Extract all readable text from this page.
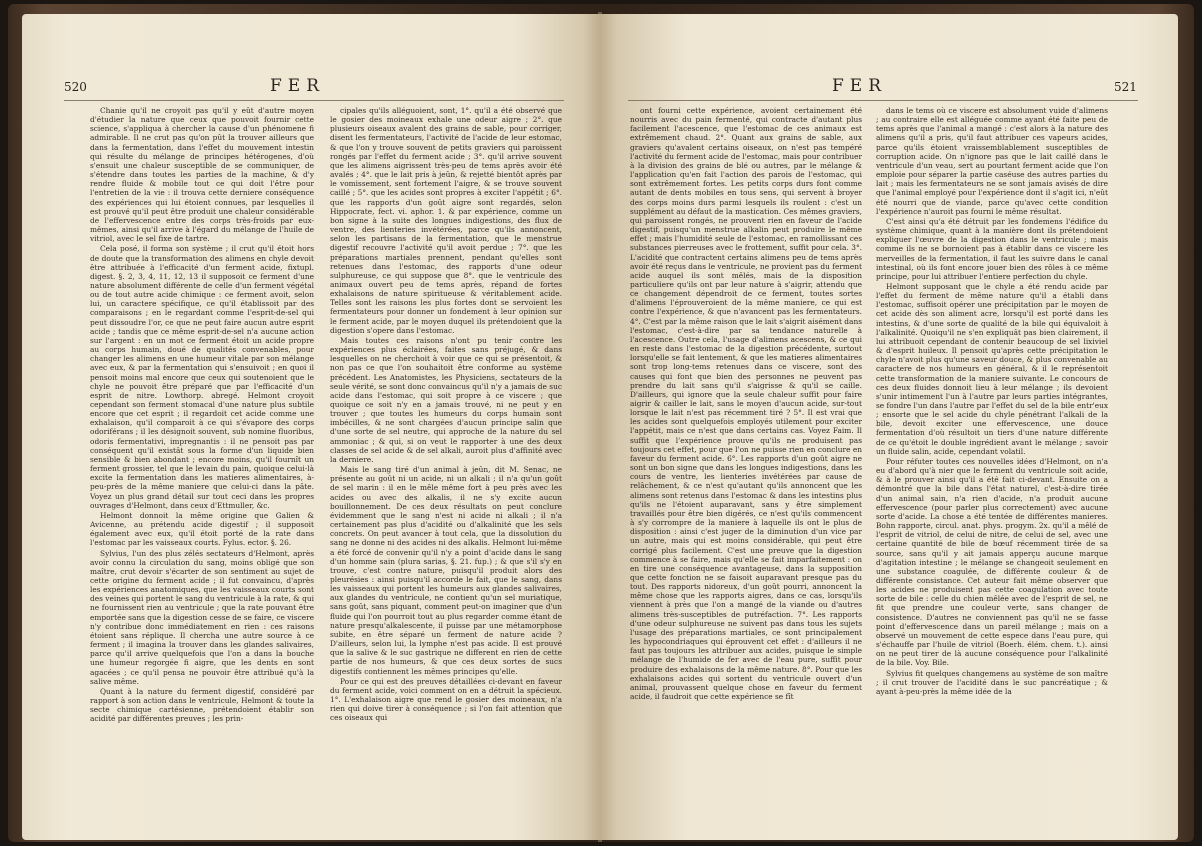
520	FER

Chanie qu'il ne croyoit pas qu'il y eût d'autre moyen d'étudier la nature que ceux que pouvoit fournir cette science, s'appliqua à chercher la cause d'un phénomene fi admirable. Il ne crut pas qu'on pût la trouver ailleurs que dans la fermentation, dans l'effet du mouvement intestin qui résulte du mélange de principes hétérogenes, d'où s'ensuit une chaleur susceptible de se communiquer, de s'étendre dans toutes les parties de la machine, & d'y rendre fluide & mobile tout ce qui doit l'être pour l'entretien de la vie : il trouva cette derniere conséquence des expériences qui lui étoient connues, par lesquelles il est prouvé qu'il peut être produit une chaleur considérable de l'effervescence entre des corps très-froids par eux-mêmes, ainsi qu'il arrive à l'égard du mélange de l'huile de vitriol, avec le sel fixe de tartre.

Cela posé, il forma son système ; il crut qu'il étoit hors de doute que la transformation des alimens en chyle devoit être attribuée à l'efficacité d'un ferment acide, fixtupl. digest. §. 2, 3, 4, 11, 12, 13 il supposoit ce ferment d'une nature absolument différente de celle d'un ferment végétal ou de tout autre acide chimique : ce ferment avoit, selon lui, un caractere spécifique, ce qu'il établissoit par des comparaisons ; en le regardant comme l'esprit-de-sel qui peut dissoudre l'or, ce que ne peut faire aucun autre esprit acide ; tandis que ce même esprit-de-sel n'a aucune action sur l'argent : en un mot ce ferment étoit un acide propre au corps humain, doué de qualités convenables, pour changer les alimens en une humeur vitale par son mélange avec eux, & par la fermentation qui s'ensuivoit ; en quoi il pensoit moins mal encore que ceux qui soutenoient que le chyle ne pouvoit être préparé que par l'efficacité d'un esprit de nitre. Lowthorp. abregé. Helmont croyoit cependant son ferment stomacal d'une nature plus subtile encore que cet esprit ; il regardoit cet acide comme une exhalaison, qu'il comparoit à ce qui s'évapore des corps odoriférans ; il les désignoit souvent, sub nomine fluoribus, odoris fermentativi, impregnantis : il ne pensoit pas par conséquent qu'il existât sous la forme d'un liquide bien sensible & bien abondant ; encore moins, qu'il fournît un ferment grossier, tel que le levain du pain, quoique celui-là excite la fermentation dans les matieres alimentaires, à-peu-près de la même maniere que celui-ci dans la pâte. Voyez un plus grand détail sur tout ceci dans les propres ouvrages d'Helmont, dans ceux d'Ettmuller, &c.

Helmont donnoit la même origine que Galien & Avicenne, au prétendu acide digestif ; il supposoit également avec eux, qu'il étoit porté de la rate dans l'estomac par les vaisseaux courts. Fylus. ector. §. 26.

Sylvius, l'un des plus zélés sectateurs d'Helmont, après avoir connu la circulation du sang, moins obligé que son maître, crut devoir s'écarter de son sentiment au sujet de cette origine du ferment acide ; il fut convaincu, d'après les expériences anatomiques, que les vaisseaux courts sont des veines qui portent le sang du ventricule à la rate, & qui ne fournissent rien au ventricule ; que la rate pouvant être emportée sans que la digestion cesse de se faire, ce viscere n'y contribue donc immédiatement en rien : ces raisons étoient sans réplique. Il chercha une autre source à ce ferment ; il imagina la trouver dans les glandes salivaires, parce qu'il arrive quelquefois que l'on a dans la bouche une humeur regorgée fi aigre, que les dents en sont agacées ; ce qu'il pensa ne pouvoir être attribué qu'à la salive même.

Quant à la nature du ferment digestif, considéré par rapport à son action dans le ventricule, Helmont & toute la secte chimique cartésienne, prétendoient établir son acidité par différentes preuves ; les prin-

cipales qu'ils alléguoient, sont, 1°. qu'il a été observé que le gosier des moineaux exhale une odeur aigre ; 2°. que plusieurs oiseaux avalent des grains de sable, pour corriger, disent les fermentateurs, l'activité de l'acide de leur estomac, & que l'on y trouve souvent de petits graviers qui paroissent rongés par l'effet du ferment acide ; 3°. qu'il arrive souvent que les alimens aigrissent très-peu de tems après avoir été avalés ; 4°. que le lait pris à jeûn, & rejetté bientôt après par le vomissement, sent fortement l'aigre, & se trouve souvent caillé ; 5°. que les acides sont propres à exciter l'appétit ; 6°. que les rapports d'un goût aigre sont regardés, selon Hippocrate, fect. vi. aphor. 1. & par expérience, comme un bon signe à la suite des longues indigestions, des flux de ventre, des lienteries invétérées, parce qu'ils annoncent, selon les partisans de la fermentation, que le menstrue digestif recouvre l'activité qu'il avoit perdue ; 7°. que les préparations martiales prennent, pendant qu'elles sont retenues dans l'estomac, des rapports d'une odeur sulphureuse, ce qui suppose que 8°. que le ventricule des animaux ouvert peu de tems après, répand de fortes exhalaisons de nature spiritueuse & véritablement acide. Telles sont les raisons les plus fortes dont se servoient les fermentateurs pour donner un fondement à leur opinion sur le ferment acide, par le moyen duquel ils prétendoient que la digestion s'opere dans l'estomac.

Mais toutes ces raisons n'ont pu tenir contre les expériences plus éclairées, faites sans préjugé, & dans lesquelles on ne cherchoit à voir que ce qui se présentoit, & non pas ce que l'on souhaitoit être conforme au système précédent. Les Anatomistes, les Physiciens, sectateurs de la seule vérité, se sont donc convaincus qu'il n'y a jamais de suc acide dans l'estomac, qui soit propre à ce viscere ; que quoique ce soit n'y en a jamais trouvé, ni ne peut y en trouver ; que toutes les humeurs du corps humain sont imbécilles, & ne sont chargées d'aucun principe salin que d'une sorte de sel neutre, qui approche de la nature du sel ammoniac ; & qui, si on veut le rapporter à une des deux classes de sel acide & de sel alkali, auroit plus d'affinité avec la derniere.

Mais le sang tiré d'un animal à jeûn, dit M. Senac, ne présente au goût ni un acide, ni un alkali ; il n'a qu'un goût de sel marin : il en le mêle même fort à peu près avec les acides ou avec des alkalis, il ne s'y excite aucun bouillonnement. De ces deux résultats on peut conclure évidemment que le sang n'est ni acide ni alkali ; il n'a certainement pas plus d'acidité ou d'alkalinité que les sels concrets. On peut avancer à tout cela, que la dissolution du sang ne donne ni des acides ni des alkalis. Helmont lui-même a été forcé de convenir qu'il n'y a point d'acide dans le sang d'un homme sain (plura sarias, §. 21. fup.) ; & que s'il s'y en trouve, c'est contre nature, puisqu'il produit alors des pleurésies : ainsi puisqu'il accorde le fait, que le sang, dans les vaisseaux qui portent les humeurs aux glandes salivaires, aux glandes du ventricule, ne contient qu'un sel muriatique, sans goût, sans piquant, comment peut-on imaginer que d'un fluide qui l'on pourroit tout au plus regarder comme étant de nature presqu'alkalescente, il puisse par une métamorphose subite, en être séparé un ferment de nature acide ? D'ailleurs, selon lui, la lymphe n'est pas acide. Il est prouvé que la salive & le suc gastrique ne different en rien de cette partie de nos humeurs, & que ces deux sortes de sucs digestifs contiennent les mêmes principes qu'elle.

Pour ce qui est des preuves détaillées ci-devant en faveur du ferment acide, voici comment on en a détruit la spécieux. 1°. L'exhalaison aigre que rend le gosier des moineaux, n'a rien qui doive tirer à conséquence ; si l'on fait attention que ces oiseaux qui

FER	521

ont fourni cette expérience, avoient certainement été nourris avec du pain fermenté, qui contracte d'autant plus facilement l'acescence, que l'estomac de ces animaux est extrêmement chaud. 2°. Quant aux grains de sable, aux graviers qu'avalent certains oiseaux, on n'est pas tempéré l'activité du ferment acide de l'estomac, mais pour contribuer à la division des grains de blé ou autres, par le mélange & l'application qu'en fait l'action des parois de l'estomac, qui sont extrêmement fortes. Les petits corps durs font comme autant de dents mobiles en tous sens, qui servent à broyer des corps moins durs parmi lesquels ils roulent : c'est un supplément au défaut de la mastication. Ces mêmes graviers, qui paroissent rongés, ne prouvent rien en faveur de l'acide digestif, puisqu'un menstrue alkalin peut produire le même effet ; mais l'humidité seule de l'estomac, en ramollissant ces substances pierreuses avec le frottement, suffit pour cela. 3°. L'acidité que contractent certains alimens peu de tems après avoir été reçus dans le ventricule, ne provient pas du ferment acide auquel ils sont mêlés, mais de la disposition particuliere qu'ils ont par leur nature à s'aigrir, attendu que ce changement dépendroit de ce ferment, toutes sortes d'alimens l'éprouveroient de la même maniere, ce qui est contre l'expérience, & que n'avancent pas les fermentateurs. 4°. C'est par la même raison que le lait s'aigrit aisément dans l'estomac, c'est-à-dire par sa tendance naturelle à l'acescence. Outre cela, l'usage d'alimens acescens, & ce qui en reste dans l'estomac de la digestion précédente, surtout lorsqu'elle se fait lentement, & que les matieres alimentaires sont trop long-tems retenues dans ce viscere, sont des causes qui font que bien des personnes ne peuvent pas prendre du lait sans qu'il s'aigrisse & qu'il se caille. D'ailleurs, qui ignore que la seule chaleur suffit pour faire aigrir & cailler le lait, sans le moyen d'aucun acide, sur-tout lorsque le lait n'est pas récemment tiré ? 5°. Il est vrai que les acides sont quelquefois employés utilement pour exciter l'appétit, mais ce n'est que dans certains cas. Voyez Faim. Il suffit que l'expérience prouve qu'ils ne produisent pas toujours cet effet, pour que l'on ne puisse rien en conclure en faveur du ferment acide. 6°. Les rapports d'un goût aigre ne sont un bon signe que dans les longues indigestions, dans les cours de ventre, les lienteries invétérées par cause de relâchement, & ce n'est qu'autant qu'ils annoncent que les alimens sont retenus dans l'estomac & dans les intestins plus qu'ils ne l'étoient auparavant, sans y être simplement travaillés pour être bien digérés, ce n'est qu'ils commencent à s'y corrompre de la maniere à laquelle ils ont le plus de disposition : ainsi c'est juger de la diminution d'un vice par un autre, mais qui est moins considérable, qui peut être corrigé plus facilement. C'est une preuve que la digestion commence à se faire, mais qu'elle se fait imparfaitement : on en tire une conséquence avantageuse, dans la supposition que cette fonction ne se faisoit auparavant presque pas du tout. Des rapports nidoreux, d'un goût pourri, annoncent la même chose que les rapports aigres, dans ce cas, lorsqu'ils viennent à près que l'on a mangé de la viande ou d'autres alimens très-susceptibles de putréfaction. 7°. Les rapports d'une odeur sulphureuse ne suivent pas dans tous les sujets l'usage des préparations martiales, ce sont principalement les hypocondriaques qui éprouvent cet effet : d'ailleurs il ne faut pas toujours les attribuer aux acides, puisque le simple mélange de l'humide de fer avec de l'eau pure, suffit pour produire des exhalaisons de la même nature. 8°. Pour que les exhalaisons acides qui sortent du ventricule ouvert d'un animal, prouvassent quelque chose en faveur du ferment acide, il faudroit que cette expérience se fît

dans le tems où ce viscere est absolument vuide d'alimens ; au contraire elle est alléguée comme ayant été faite peu de tems après que l'animal a mangé : c'est alors à la nature des alimens qu'il a pris, qu'il faut attribuer ces vapeurs acides, parce qu'ils étoient vraissemblablement susceptibles de corruption acide. On n'ignore pas que le lait caillé dans le ventricule d'un veau, sert au pourtant ferment acide que l'on emploie pour séparer la partie caséuse des autres parties du lait ; mais les fermentateurs ne se sont jamais avisés de dire que l'animal employé pour l'expérience dont il s'agit ici, n'eût été nourri que de viande, parce qu'avec cette condition l'expérience n'auroit pas fourni le même résultat.

C'est ainsi qu'a été détruit par les fondemens l'édifice du système chimique, quant à la manière dont ils prétendoient expliquer l'œuvre de la digestion dans le ventricule ; mais comme ils ne se bornoient pas à établir dans ce viscere les merveilles de la fermentation, il faut les suivre dans le canal intestinal, où ils font encore jouer bien des rôles à ce même principe, pour lui attribuer l'entiere perfection du chyle.

Helmont supposant que le chyle a été rendu acide par l'effet du ferment de même nature qu'il a établi dans l'estomac, suffisoit opérer une précipitation par le moyen de cet acide dès son aliment acre, lorsqu'il est porté dans les intestins, & d'une sorte de qualité de la bile qui équivaloit à l'alkalinité. Quoiqu'il ne s'en expliquât pas bien clairement, il lui attribuoit cependant de contenir beaucoup de sel lixiviel & d'esprit huileux. Il pensoit qu'après cette précipitation le chyle n'avoit plus qu'une saveur douce, & plus convenable au caractere de nos humeurs en général, & il le représentoit cette transformation de la maniere suivante. Le concours de ces deux fluides donnoit lieu à leur mélange ; ils devoient s'unir intimement l'un à l'autre par leurs parties intégrantes, se fondre l'un dans l'autre par l'effet du sel de la bile entr'eux ; ensorte que le sel acide du chyle pénétrant l'alkali de la bile, devoit exciter une effervescence, une douce fermentation d'où résultoit un tiers d'une nature différente de ce qu'étoit le double ingrédient avant le mélange ; savoir un fluide salin, acide, cependant volatil.

Pour réfuter toutes ces nouvelles idées d'Helmont, on n'a eu d'abord qu'à nier que le ferment du ventricule soit acide, & à le prouver ainsi qu'il a été fait ci-devant. Ensuite on a démontré que la bile dans l'état naturel, c'est-à-dire tirée d'un animal sain, n'a rien d'acide, n'a produit aucune effervescence (pour parler plus correctement) avec aucune sorte d'acide. La chose a été tentée de différentes manieres. Bohn rapporte, circul. anat. phys. progym. 2x. qu'il a mêlé de l'esprit de vitriol, de celui de nitre, de celui de sel, avec une certaine quantité de bile de bœuf récemment tirée de sa source, sans qu'il y ait jamais apperçu aucune marque d'agitation intestine ; le mélange se changeoit seulement en une substance coagulée, de différente couleur & de différente consistance. Cet auteur fait même observer que les acides ne produisent pas cette coagulation avec toute sorte de bile : celle du chien mêlée avec de l'esprit de sel, ne fit que prendre une couleur verte, sans changer de consistence. D'autres ne conviennent pas qu'il ne se fasse point d'effervescence dans un pareil mélange ; mais on a observé un mouvement de cette espece dans l'eau pure, qui s'échauffe par l'huile de vitriol (Boerh. élém. chem. t.). ainsi on ne peut tirer de là aucune conséquence pour l'alkalinité de la bile. Voy. Bile.

Sylvius fit quelques changemens au système de son maître ; il crut trouver de l'acidité dans le suc pancréatique ; & ayant à-peu-près la même idée de la
